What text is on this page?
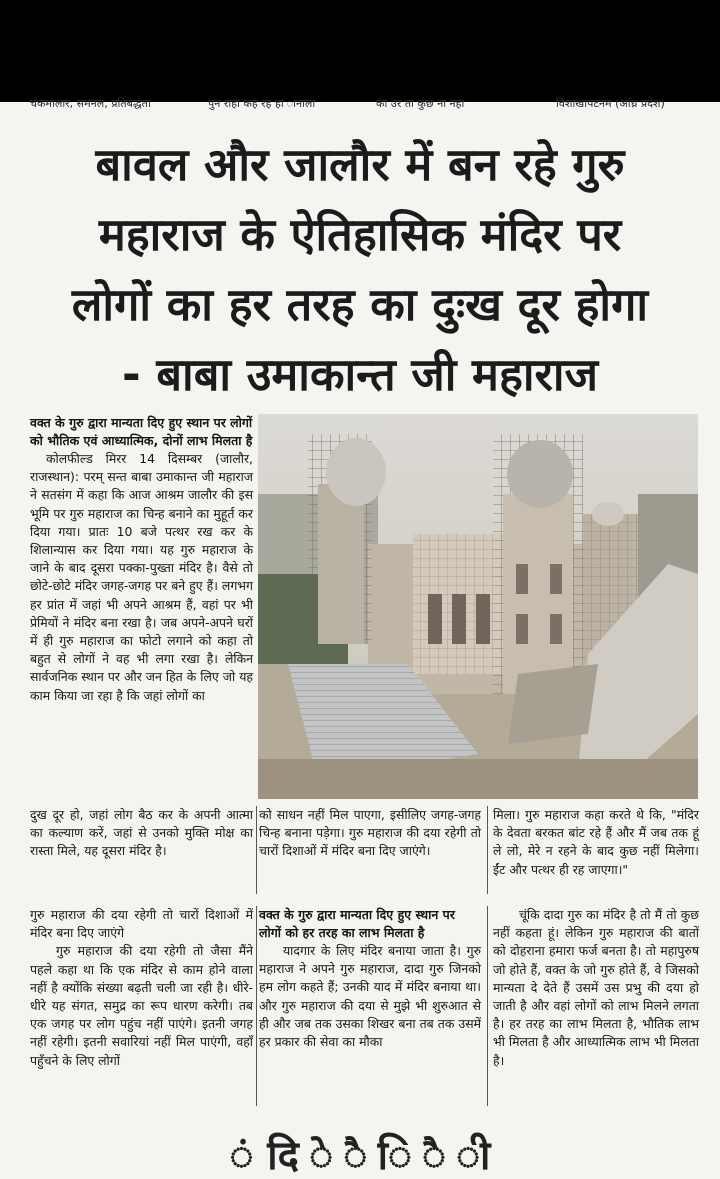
चकमालार, समनल, प्रतिबद्धता	पुन राहा कह रह हा ानाला	का उर ता कुछ ना नहा	विशाखापटनम (आंध्र प्रदेश)
बावल और जालौर में बन रहे गुरु
महाराज के ऐतिहासिक मंदिर पर
लोगों का हर तरह का दुःख दूर होगा
- बाबा उमाकान्त जी महाराज

वक्त के गुरु द्वारा मान्यता दिए हुए स्थान पर लोगों को भौतिक एवं आध्यात्मिक, दोनों लाभ मिलता है

कोलफील्ड मिरर 14 दिसम्बर (जालौर, राजस्थान): परम् सन्त बाबा उमाकान्त जी महाराज ने सतसंग में कहा कि आज आश्रम जालौर की इस भूमि पर गुरु महाराज का चिन्ह बनाने का मुहूर्त कर दिया गया। प्रातः 10 बजे पत्थर रख कर के शिलान्यास कर दिया गया। यह गुरु महाराज के जाने के बाद दूसरा पक्का-पुख्ता मंदिर है। वैसे तो छोटे-छोटे मंदिर जगह-जगह पर बने हुए हैं। लगभग हर प्रांत में जहां भी अपने आश्रम हैं, वहां पर भी प्रेमियों ने मंदिर बना रखा है। जब अपने-अपने घरों में ही गुरु महाराज का फोटो लगाने को कहा तो बहुत से लोगों ने वह भी लगा रखा है। लेकिन सार्वजनिक स्थान पर और जन हित के लिए जो यह काम किया जा रहा है कि जहां लोगों का

दुख दूर हो, जहां लोग बैठ कर के अपनी आत्मा का कल्याण करें, जहां से उनको मुक्ति मोक्ष का रास्ता मिले, यह दूसरा मंदिर है।

को साधन नहीं मिल पाएगा, इसीलिए जगह-जगह चिन्ह बनाना पड़ेगा। गुरु महाराज की दया रहेगी तो चारों दिशाओं में मंदिर बना दिए जाएंगे।

मिला। गुरु महाराज कहा करते थे कि, "मंदिर के देवता बरकत बांट रहे हैं और मैं जब तक हूं ले लो, मेरे न रहने के बाद कुछ नहीं मिलेगा। ईंट और पत्थर ही रह जाएगा।"

गुरु महाराज की दया रहेगी तो चारों दिशाओं में मंदिर बना दिए जाएंगे

गुरु महाराज की दया रहेगी तो जैसा मैंने पहले कहा था कि एक मंदिर से काम होने वाला नहीं है क्योंकि संख्या बढ़ती चली जा रही है। धीरे-धीरे यह संगत, समुद्र का रूप धारण करेगी। तब एक जगह पर लोग पहुंच नहीं पाएंगे। इतनी जगह नहीं रहेगी। इतनी सवारियां नहीं मिल पाएंगी, वहाँ पहुँचने के लिए लोगों

वक्त के गुरु द्वारा मान्यता दिए हुए स्थान पर लोगों को हर तरह का लाभ मिलता है

यादगार के लिए मंदिर बनाया जाता है। गुरु महाराज ने अपने गुरु महाराज, दादा गुरु जिनको हम लोग कहते हैं; उनकी याद में मंदिर बनाया था। और गुरु महाराज की दया से मुझे भी शुरुआत से ही और जब तक उसका शिखर बना तब तक उसमें हर प्रकार की सेवा का मौका

चूंकि दादा गुरु का मंदिर है तो मैं तो कुछ नहीं कहता हूं। लेकिन गुरु महाराज की बातों को दोहराना हमारा फर्ज बनता है। तो महापुरुष जो होते हैं, वक्त के जो गुरु होते हैं, वे जिसको मान्यता दे देते हैं उसमें उस प्रभु की दया हो जाती है और वहां लोगों को लाभ मिलने लगता है। हर तरह का लाभ मिलता है, भौतिक लाभ भी मिलता है और आध्यात्मिक लाभ भी मिलता है।

ं दि े ै ि ै ी
